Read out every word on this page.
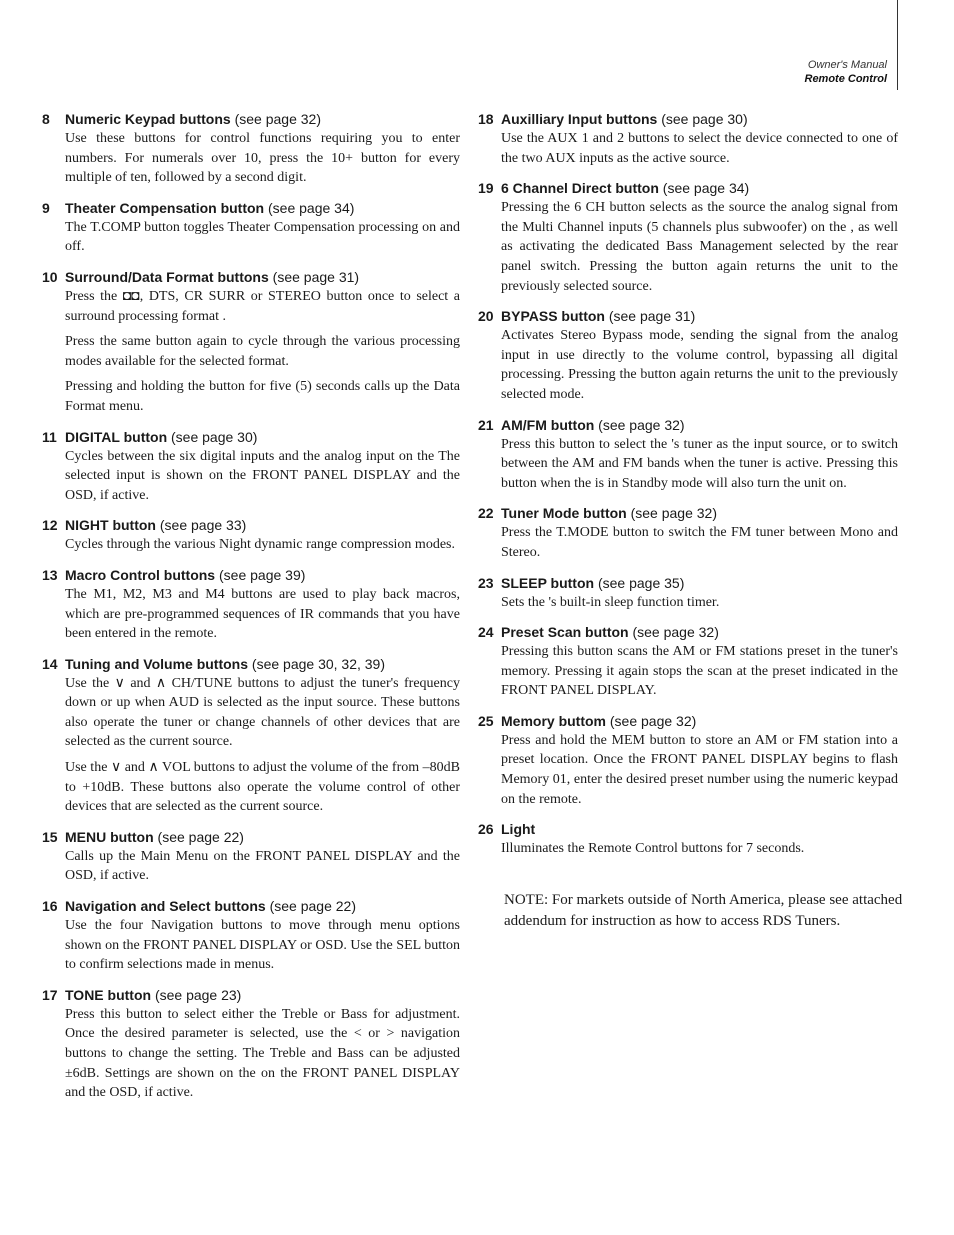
Owner's Manual
Remote Control
8 Numeric Keypad buttons (see page 32)

Use these buttons for control functions requiring you to enter numbers. For numerals over 10, press the 10+ button for every multiple of ten, followed by a second digit.

9 Theater Compensation button (see page 34)

The T.COMP button toggles Theater Compensation processing on and off.

10 Surround/Data Format buttons (see page 31)

Press the ◘◘, DTS, CR SURR or STEREO button once to select a surround processing format .

Press the same button again to cycle through the various processing modes available for the selected format.

Pressing and holding the button for five (5) seconds calls up the Data Format menu.

11 DIGITAL button (see page 30)

Cycles between the six digital inputs and the analog input on the The selected input is shown on the FRONT PANEL DISPLAY and the OSD, if active.

12 NIGHT button (see page 33)

Cycles through the various Night dynamic range compression modes.

13 Macro Control buttons (see page 39)

The M1, M2, M3 and M4 buttons are used to play back macros, which are pre-programmed sequences of IR commands that you have been entered in the remote.

14 Tuning and Volume buttons (see page 30, 32, 39)

Use the ∨ and ∧ CH/TUNE buttons to adjust the tuner's frequency down or up when AUD is selected as the input source. These buttons also operate the tuner or change channels of other devices that are selected as the current source.

Use the ∨ and ∧ VOL buttons to adjust the volume of the from –80dB to +10dB. These buttons also operate the volume control of other devices that are selected as the current source.

15 MENU button (see page 22)

Calls up the Main Menu on the FRONT PANEL DISPLAY and the OSD, if active.

16 Navigation and Select buttons (see page 22)

Use the four Navigation buttons to move through menu options shown on the FRONT PANEL DISPLAY or OSD. Use the SEL button to confirm selections made in menus.

17 TONE button (see page 23)

Press this button to select either the Treble or Bass for adjustment. Once the desired parameter is selected, use the < or > navigation buttons to change the setting. The Treble and Bass can be adjusted ±6dB. Settings are shown on the on the FRONT PANEL DISPLAY and the OSD, if active.

18 Auxilliary Input buttons (see page 30)

Use the AUX 1 and 2 buttons to select the device connected to one of the two AUX inputs as the active source.

19 6 Channel Direct button (see page 34)

Pressing the 6 CH button selects as the source the analog signal from the Multi Channel inputs (5 channels plus subwoofer) on the , as well as activating the dedicated Bass Management selected by the rear panel switch. Pressing the button again returns the unit to the previously selected source.

20 BYPASS button (see page 31)

Activates Stereo Bypass mode, sending the signal from the analog input in use directly to the volume control, bypassing all digital processing. Pressing the button again returns the unit to the previously selected mode.

21 AM/FM button (see page 32)

Press this button to select the 's tuner as the input source, or to switch between the AM and FM bands when the tuner is active. Pressing this button when the is in Standby mode will also turn the unit on.

22 Tuner Mode button (see page 32)

Press the T.MODE button to switch the FM tuner between Mono and Stereo.

23 SLEEP button (see page 35)

Sets the 's built-in sleep function timer.

24 Preset Scan button (see page 32)

Pressing this button scans the AM or FM stations preset in the tuner's memory. Pressing it again stops the scan at the preset indicated in the FRONT PANEL DISPLAY.

25 Memory buttom (see page 32)

Press and hold the MEM button to store an AM or FM station into a preset location. Once the FRONT PANEL DISPLAY begins to flash Memory 01, enter the desired preset number using the numeric keypad on the remote.

26 Light

Illuminates the Remote Control buttons for 7 seconds.

NOTE: For markets outside of North America, please see attached addendum for instruction as how to access RDS Tuners.
